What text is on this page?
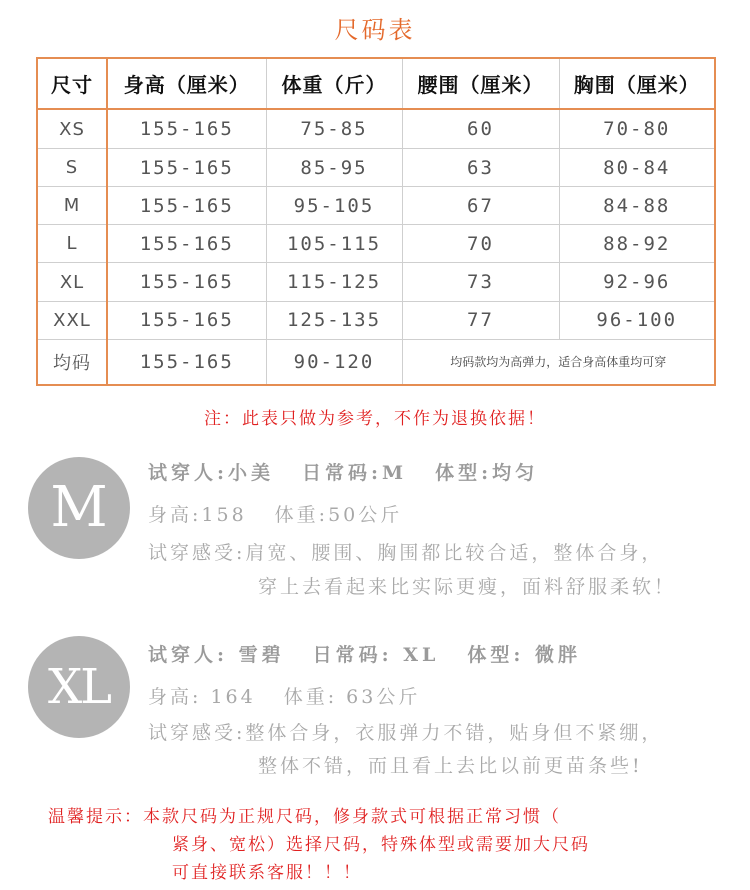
尺码表
尺寸	身高（厘米）	体重（斤）	腰围（厘米）	胸围（厘米）
XS	155-165	75-85	60	70-80
S	155-165	85-95	63	80-84
M	155-165	95-105	67	84-88
L	155-165	105-115	70	88-92
XL	155-165	115-125	73	92-96
XXL	155-165	125-135	77	96-100
均码	155-165	90-120	均码款均为高弹力，适合身高体重均可穿	
注：此表只做为参考，不作为退换依据！
M
试穿人:小美 日常码:M 体型:均匀
身高:158 体重:50公斤
试穿感受:肩宽、腰围、胸围都比较合适，整体合身，
穿上去看起来比实际更瘦，面料舒服柔软！
XL
试穿人: 雪碧 日常码: XL 体型: 微胖
身高: 164 体重: 63公斤
试穿感受:整体合身，衣服弹力不错，贴身但不紧绷，
整体不错，而且看上去比以前更苗条些!
温馨提示：本款尺码为正规尺码，修身款式可根据正常习惯（
紧身、宽松）选择尺码，特殊体型或需要加大尺码
可直接联系客服！！！
